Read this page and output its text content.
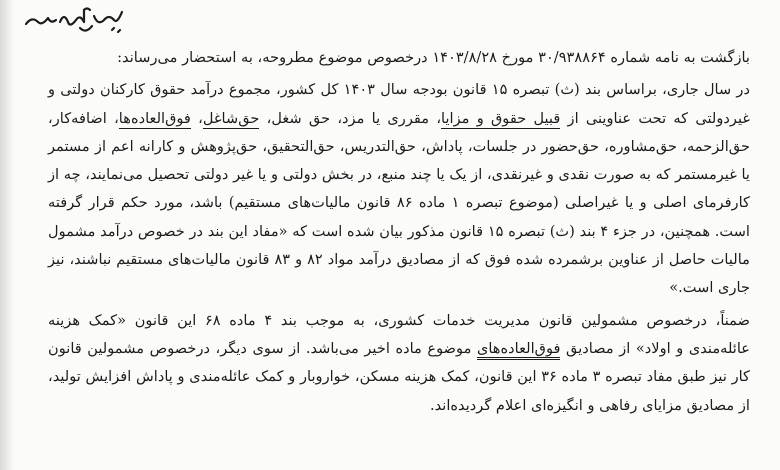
بازگشت به نامه شماره ۳۰/۹۳۸۸۶۴ مورخ ۱۴۰۳/۸/۲۸ درخصوص موضوع مطروحه، به استحضار می‌رساند:

در سال جاری، براساس بند (ث) تبصره ۱۵ قانون بودجه سال ۱۴۰۳ کل کشور، مجموع درآمد حقوق کارکنان دولتی و غیردولتی که تحت عناوینی از قبیل حقوق و مزایا، مقرری یا مزد، حق شغل، حق‌شاغل، فوق‌العاده‌ها، اضافه‌کار، حق‌الزحمه، حق‌مشاوره، حق‌حضور در جلسات، پاداش، حق‌التدریس، حق‌التحقیق، حق‌پژوهش و کارانه اعم از مستمر یا غیرمستمر که به صورت نقدی و غیرنقدی، از یک یا چند منبع، در بخش دولتی و یا غیر دولتی تحصیل می‌نمایند، چه از کارفرمای اصلی و یا غیراصلی (موضوع تبصره ۱ ماده ۸۶ قانون مالیات‌های مستقیم) باشد، مورد حکم قرار گرفته است. همچنین، در جزء ۴ بند (ث) تبصره ۱۵ قانون مذکور بیان شده است که «مفاد این بند در خصوص درآمد مشمول مالیات حاصل از عناوین برشمرده شده فوق که از مصادیق درآمد مواد ۸۲ و ۸۳ قانون مالیات‌های مستقیم نباشند، نیز جاری است.»

ضمناً، درخصوص مشمولین قانون مدیریت خدمات کشوری، به موجب بند ۴ ماده ۶۸ این قانون «کمک هزینه عائله‌مندی و اولاد» از مصادیق فوق‌العاده‌های موضوع ماده اخیر می‌باشد. از سوی دیگر، درخصوص مشمولین قانون کار نیز طبق مفاد تبصره ۳ ماده ۳۶ این قانون، کمک هزینه مسکن، خواروبار و کمک عائله‌مندی و پاداش افزایش تولید، از مصادیق مزایای رفاهی و انگیزه‌ای اعلام گردیده‌اند.
